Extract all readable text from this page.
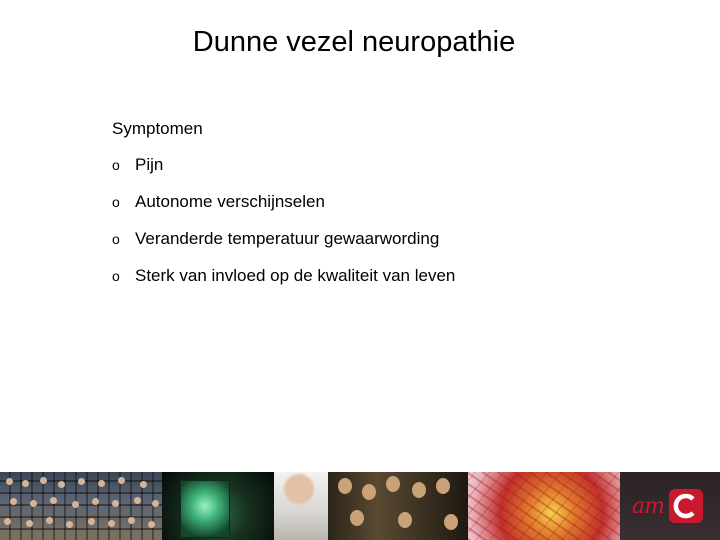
Dunne vezel neuropathie
Symptomen
o Pijn
o Autonome verschijnselen
o Veranderde temperatuur gewaarwording
o Sterk van invloed op de kwaliteit van leven
am
